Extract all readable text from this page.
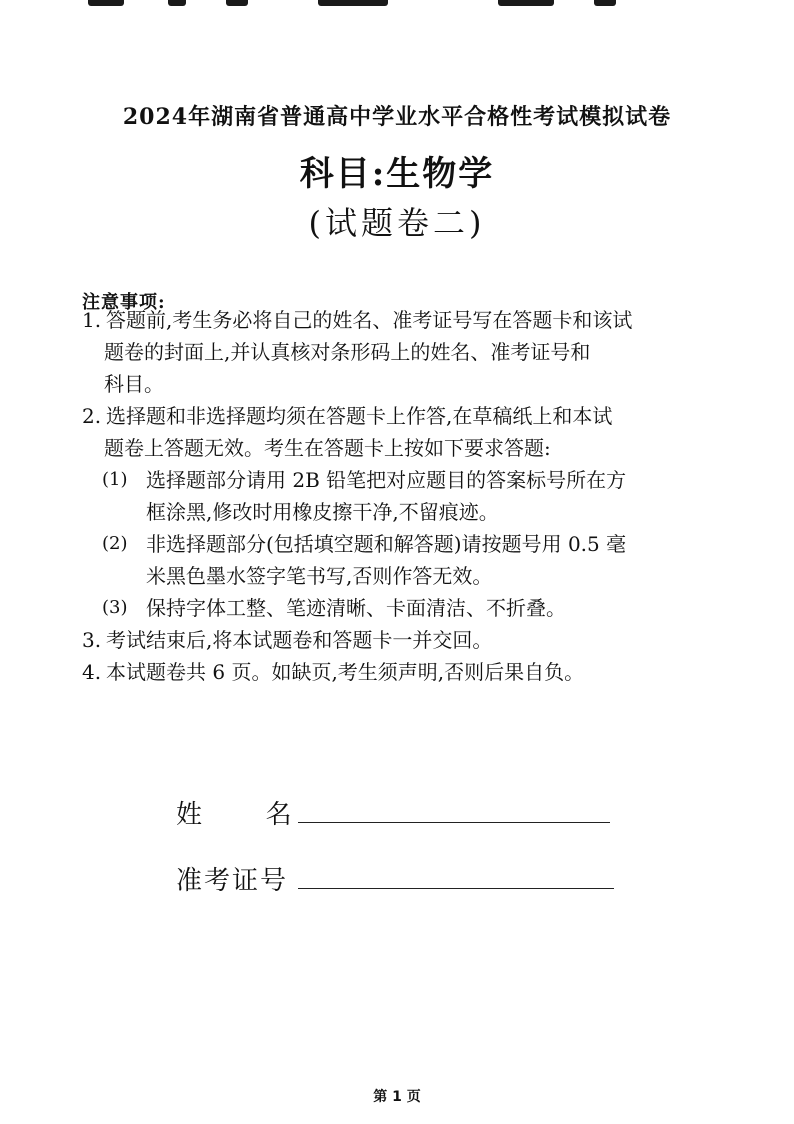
2024年湖南省普通高中学业水平合格性考试模拟试卷
科目:生物学
(试题卷二)
注意事项:
1. 答题前,考生务必将自己的姓名、准考证号写在答题卡和该试
题卷的封面上,并认真核对条形码上的姓名、准考证号和
科目。
2. 选择题和非选择题均须在答题卡上作答,在草稿纸上和本试
题卷上答题无效。考生在答题卡上按如下要求答题:
(1) 选择题部分请用 2B 铅笔把对应题目的答案标号所在方
框涂黑,修改时用橡皮擦干净,不留痕迹。
(2) 非选择题部分(包括填空题和解答题)请按题号用 0.5 毫
米黑色墨水签字笔书写,否则作答无效。
(3) 保持字体工整、笔迹清晰、卡面清洁、不折叠。
3. 考试结束后,将本试题卷和答题卡一并交回。
4. 本试题卷共 6 页。如缺页,考生须声明,否则后果自负。
姓      名
准考证号
第 1 页
